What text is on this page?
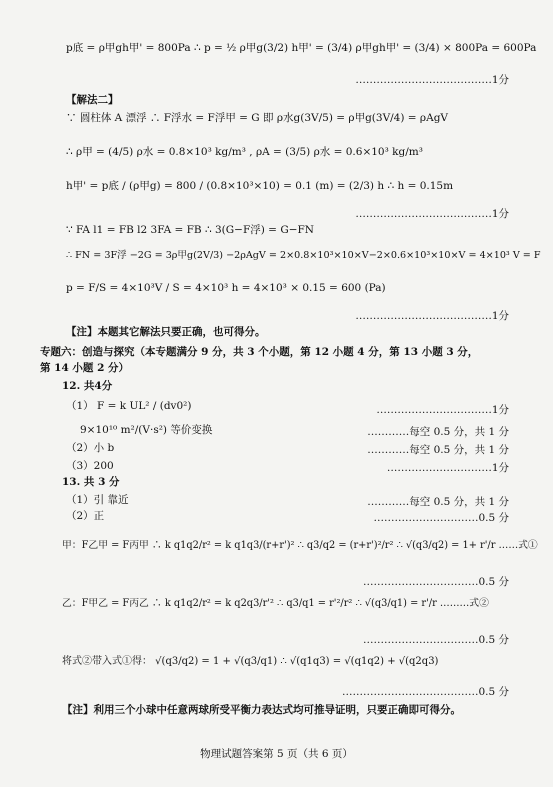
p底 = ρ甲gh甲' = 800Pa ∴ p = ½ ρ甲g(3/2) h甲' = (3/4) ρ甲gh甲' = (3/4) × 800Pa = 600Pa
…………………………………1分
【解法二】
∵ 圆柱体 A 漂浮 ∴ F浮水 = F浮甲 = G 即 ρ水g(3V/5) = ρ甲g(3V/4) = ρAgV
∴ ρ甲 = (4/5) ρ水 = 0.8×10³ kg/m³ , ρA = (3/5) ρ水 = 0.6×10³ kg/m³
h甲' = p底 / (ρ甲g) = 800 / (0.8×10³×10) = 0.1 (m) = (2/3) h ∴ h = 0.15m
…………………………………1分
∵ FA l1 = FB l2 3FA = FB ∴ 3(G−F浮) = G−FN
∴ FN = 3F浮 −2G = 3ρ甲g(2V/3) −2ρAgV = 2×0.8×10³×10×V−2×0.6×10³×10×V = 4×10³ V = F
p = F/S = 4×10³V / S = 4×10³ h = 4×10³ × 0.15 = 600 (Pa)
…………………………………1分
【注】本题其它解法只要正确，也可得分。
专题六：创造与探究（本专题满分 9 分，共 3 个小题，第 12 小题 4 分，第 13 小题 3 分，
第 14 小题 2 分）
12. 共4分
（1） F = k UL² / (dv0²)	……………………………1分
9×10¹⁰ m²/(V·s²) 等价变换	…………每空 0.5 分，共 1 分
（2）小 b	…………每空 0.5 分，共 1 分
（3）200	…………………………1分
13. 共 3 分
（1）引 靠近	…………每空 0.5 分，共 1 分
（2）正	…………………………0.5 分
甲：F乙甲 = F丙甲 ∴ k q1q2/r² = k q1q3/(r+r')² ∴ q3/q2 = (r+r')²/r² ∴ √(q3/q2) = 1+ r'/r ……式①
……………………………0.5 分
乙：F甲乙 = F丙乙 ∴ k q1q2/r² = k q2q3/r'² ∴ q3/q1 = r'²/r² ∴ √(q3/q1) = r'/r ………式②
……………………………0.5 分
将式②带入式①得： √(q3/q2) = 1 + √(q3/q1) ∴ √(q1q3) = √(q1q2) + √(q2q3)
…………………………………0.5 分
【注】利用三个小球中任意两球所受平衡力表达式均可推导证明，只要正确即可得分。
物理试题答案第 5 页（共 6 页）
